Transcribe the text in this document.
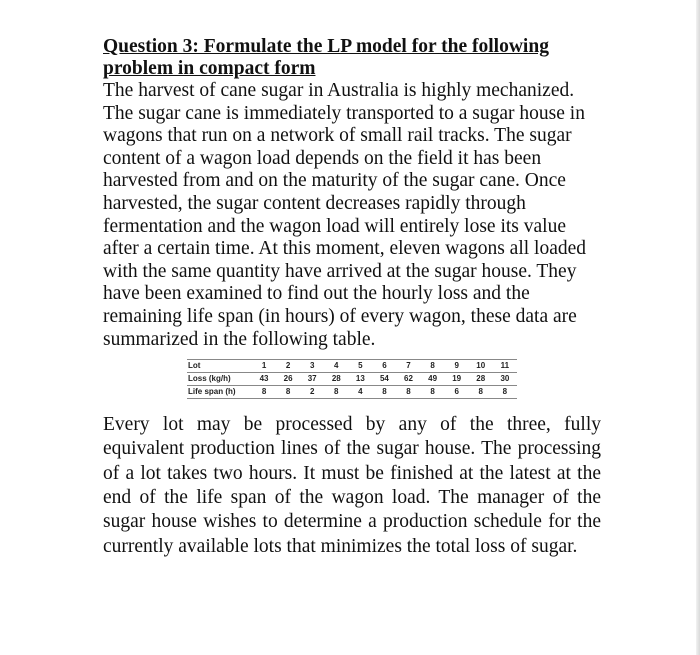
Question 3: Formulate the LP model for the following problem in compact form

The harvest of cane sugar in Australia is highly mechanized. The sugar cane is immediately transported to a sugar house in wagons that run on a network of small rail tracks. The sugar content of a wagon load depends on the field it has been harvested from and on the maturity of the sugar cane. Once harvested, the sugar content decreases rapidly through fermentation and the wagon load will entirely lose its value after a certain time. At this moment, eleven wagons all loaded with the same quantity have arrived at the sugar house. They have been examined to find out the hourly loss and the remaining life span (in hours) of every wagon, these data are summarized in the following table.

Lot	1	2	3	4	5	6	7	8	9	10	11
Loss (kg/h)	43	26	37	28	13	54	62	49	19	28	30
Life span (h)	8	8	2	8	4	8	8	8	6	8	8

Every lot may be processed by any of the three, fully equivalent production lines of the sugar house. The processing of a lot takes two hours. It must be finished at the latest at the end of the life span of the wagon load. The manager of the sugar house wishes to determine a production schedule for the currently available lots that minimizes the total loss of sugar.
